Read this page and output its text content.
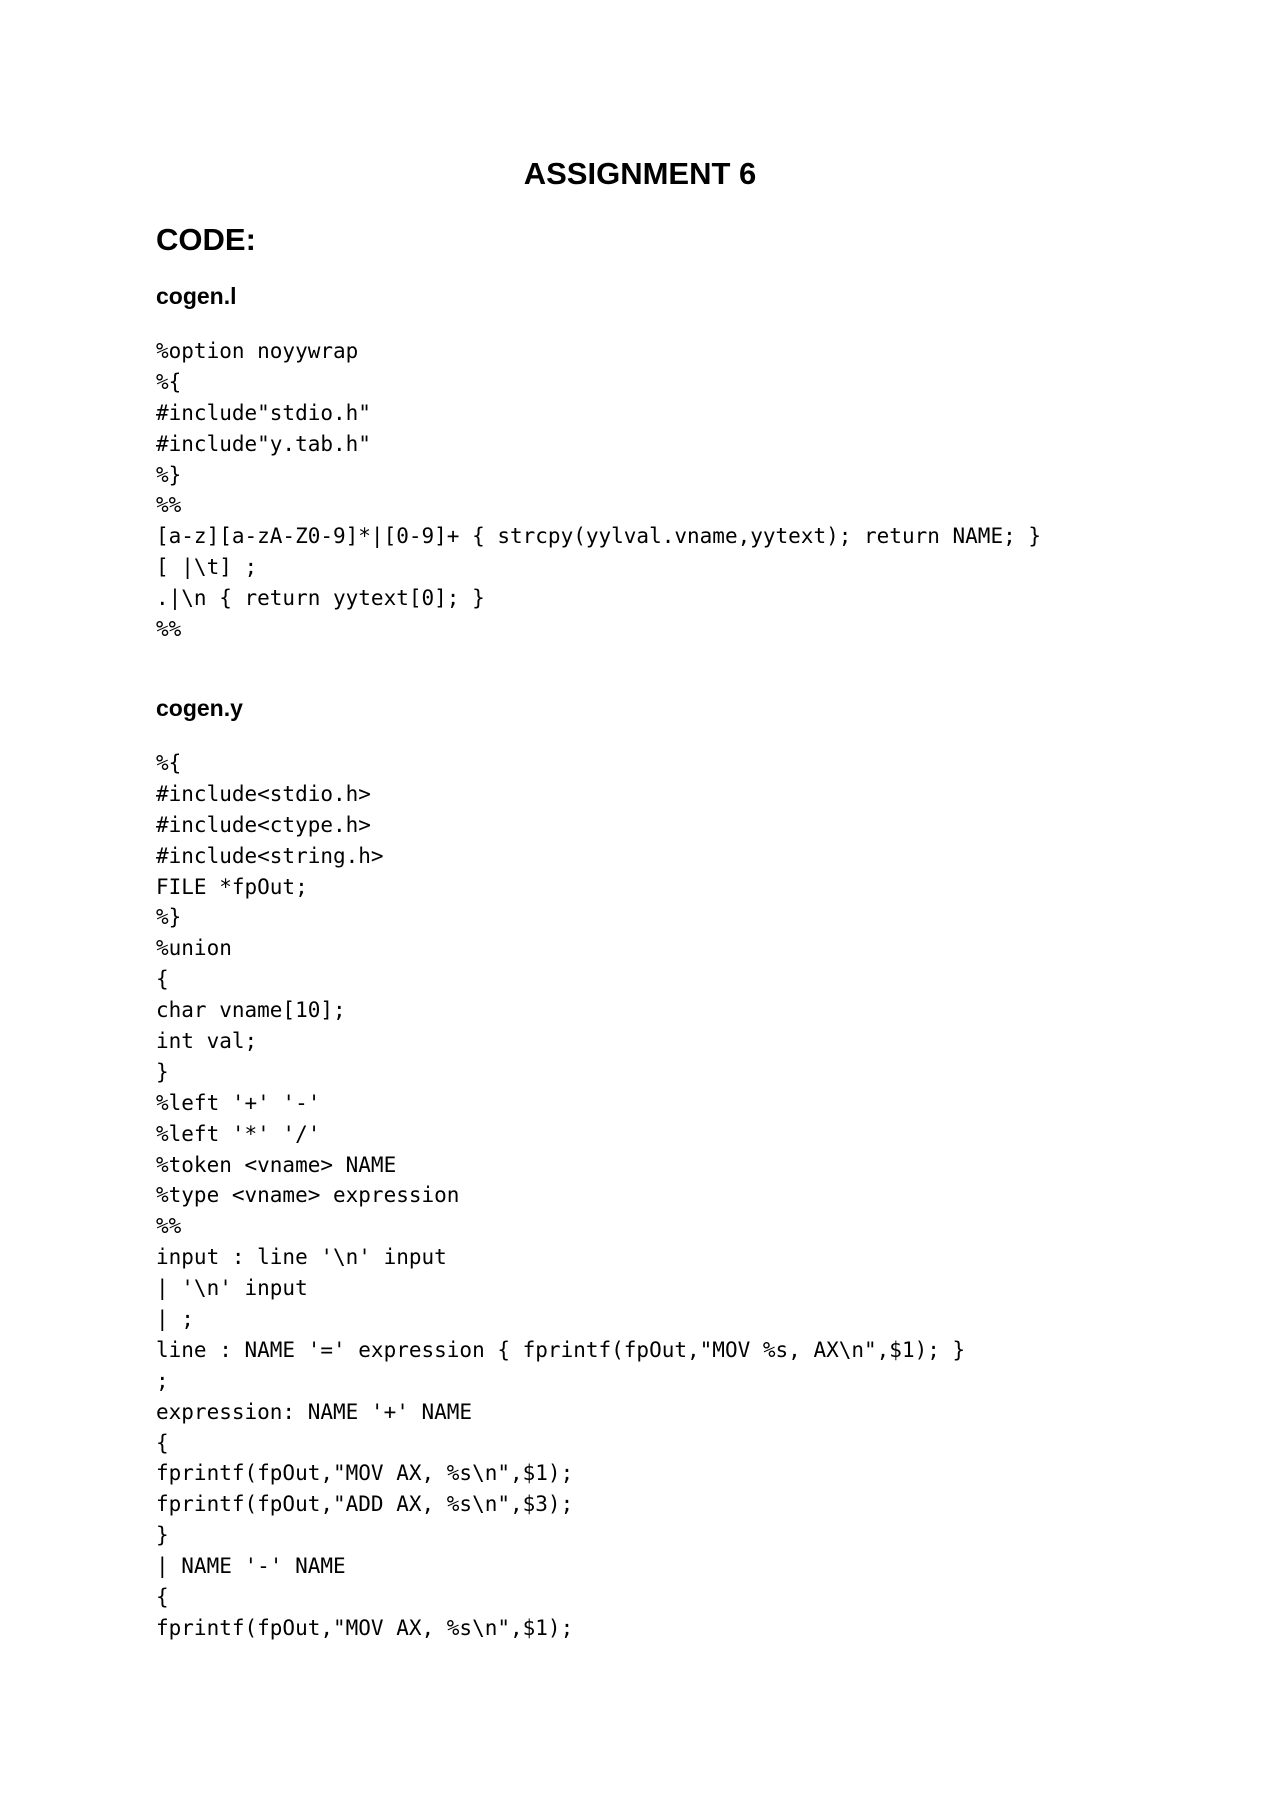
ASSIGNMENT 6
CODE:
cogen.l
%option noyywrap
%{
#include"stdio.h"
#include"y.tab.h"
%}
%%
[a-z][a-zA-Z0-9]*|[0-9]+ { strcpy(yylval.vname,yytext); return NAME; }
[ |\t] ;
.|\n { return yytext[0]; }
%%
cogen.y
%{
#include<stdio.h>
#include<ctype.h>
#include<string.h>
FILE *fpOut;
%}
%union
{
char vname[10];
int val;
}
%left '+' '-'
%left '*' '/'
%token <vname> NAME
%type <vname> expression
%%
input : line '\n' input
| '\n' input
| ;
line : NAME '=' expression { fprintf(fpOut,"MOV %s, AX\n",$1); }
;
expression: NAME '+' NAME
{
fprintf(fpOut,"MOV AX, %s\n",$1);
fprintf(fpOut,"ADD AX, %s\n",$3);
}
| NAME '-' NAME
{
fprintf(fpOut,"MOV AX, %s\n",$1);
